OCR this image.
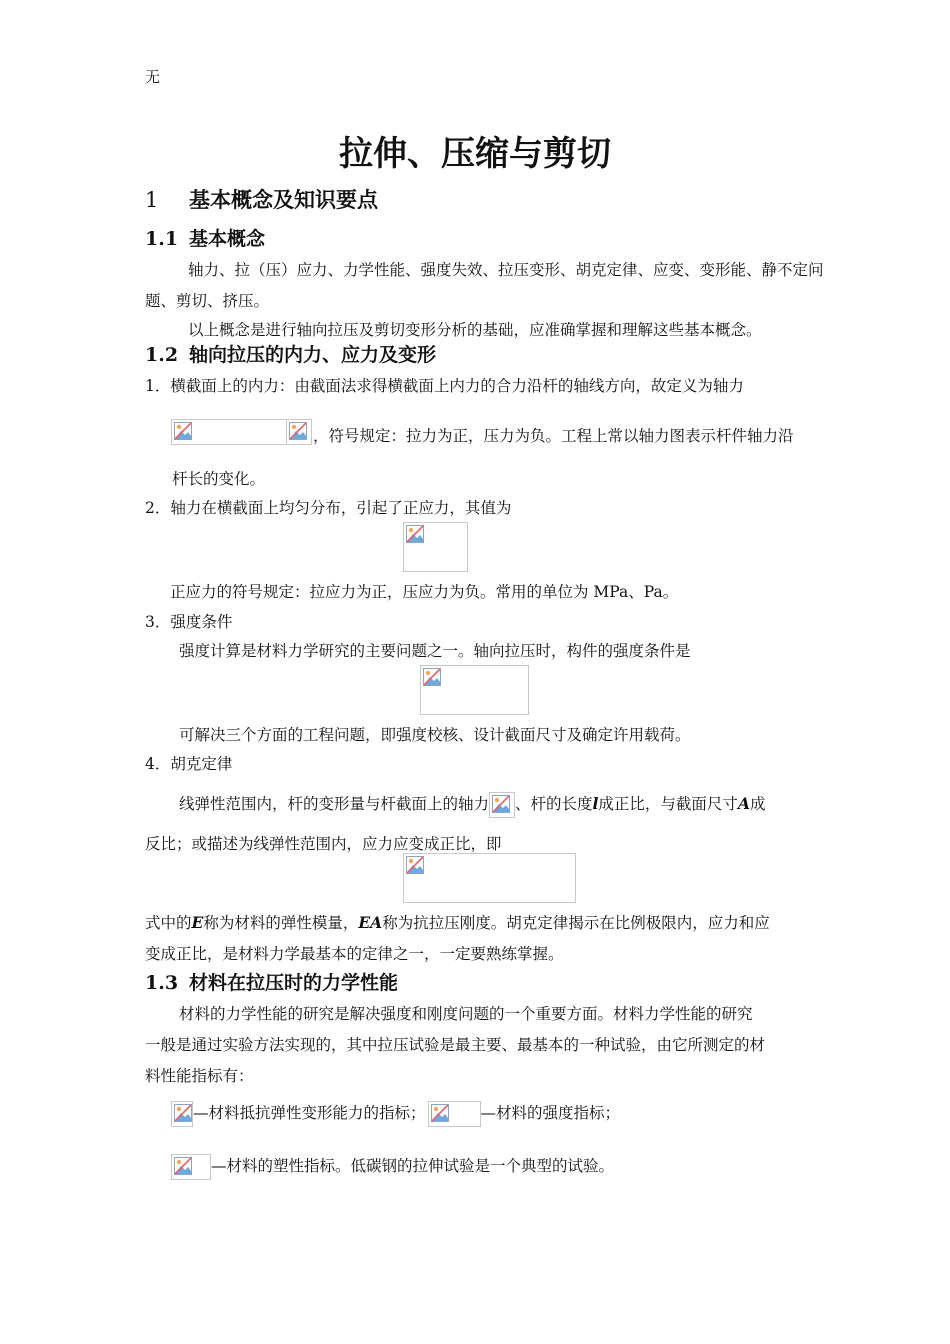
无
拉伸、压缩与剪切
1 基本概念及知识要点
1.1 基本概念
轴力、拉（压）应力、力学性能、强度失效、拉压变形、胡克定律、应变、变形能、静不定问
题、剪切、挤压。
以上概念是进行轴向拉压及剪切变形分析的基础，应准确掌握和理解这些基本概念。
1.2 轴向拉压的内力、应力及变形
1．横截面上的内力：由截面法求得横截面上内力的合力沿杆的轴线方向，故定义为轴力
，符号规定：拉力为正，压力为负。工程上常以轴力图表示杆件轴力沿
杆长的变化。
2．轴力在横截面上均匀分布，引起了正应力，其值为
正应力的符号规定：拉应力为正，压应力为负。常用的单位为 MPa、Pa。
3．强度条件
强度计算是材料力学研究的主要问题之一。轴向拉压时，构件的强度条件是
可解决三个方面的工程问题，即强度校核、设计截面尺寸及确定许用载荷。
4．胡克定律
线弹性范围内，杆的变形量与杆截面上的轴力 、杆的长度l成正比，与截面尺寸A成
反比；或描述为线弹性范围内，应力应变成正比，即
式中的E称为材料的弹性模量，EA称为抗拉压刚度。胡克定律揭示在比例极限内，应力和应
变成正比，是材料力学最基本的定律之一，一定要熟练掌握。
1.3 材料在拉压时的力学性能
材料的力学性能的研究是解决强度和刚度问题的一个重要方面。材料力学性能的研究
一般是通过实验方法实现的，其中拉压试验是最主要、最基本的一种试验，由它所测定的材
料性能指标有：
—材料抵抗弹性变形能力的指标；	—材料的强度指标；
—材料的塑性指标。低碳钢的拉伸试验是一个典型的试验。
